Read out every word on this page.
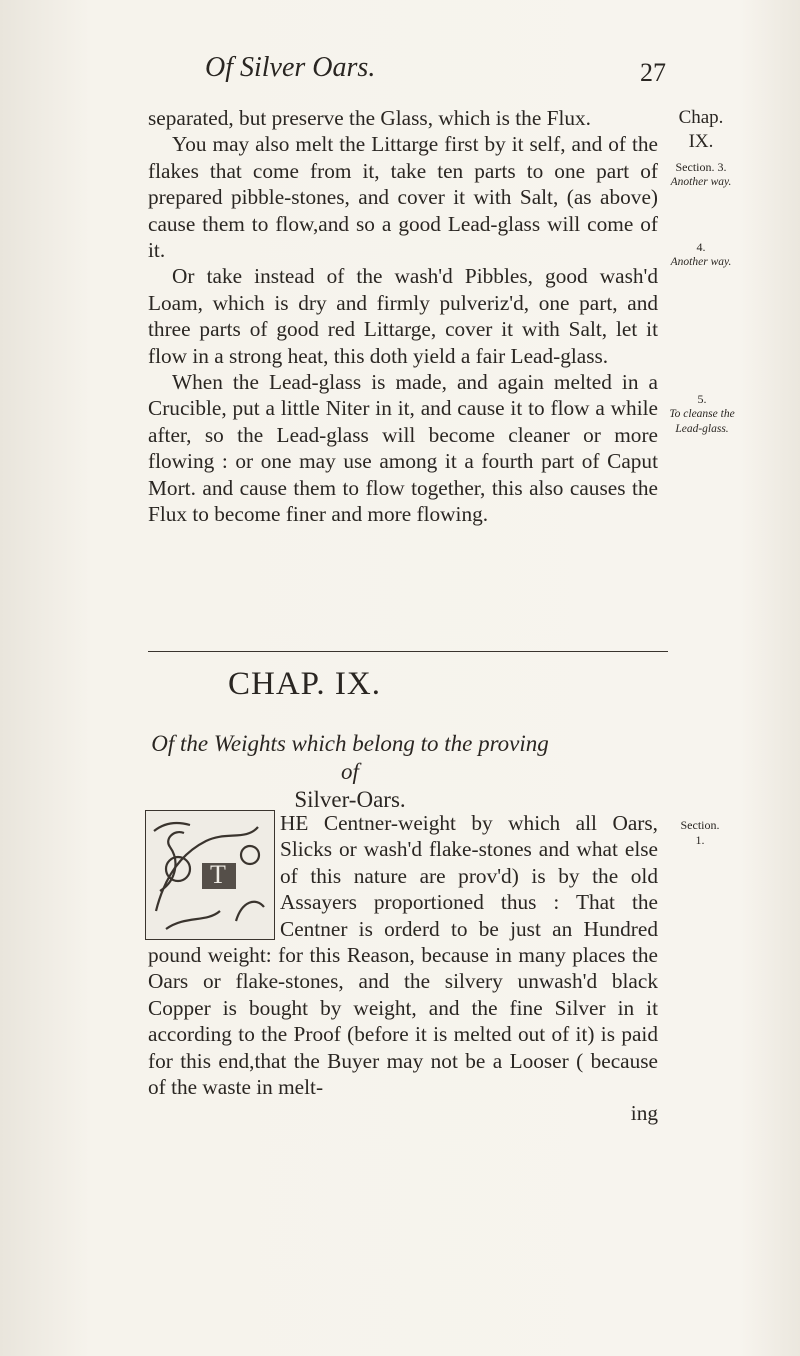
Of Silver Oars.	27
Chap.
IX.
Section. 3.
Another way.
4.
Another way.
5.
To cleanse the Lead-glass.
Section.
1.

separated, but preserve the Glass, which is the Flux.

You may also melt the Littarge first by it self, and of the flakes that come from it, take ten parts to one part of prepared pibble-stones, and cover it with Salt, (as above) cause them to flow,and so a good Lead-glass will come of it.

Or take instead of the wash'd Pibbles, good wash'd Loam, which is dry and firmly pulveriz'd, one part, and three parts of good red Littarge, cover it with Salt, let it flow in a strong heat, this doth yield a fair Lead-glass.

When the Lead-glass is made, and again melted in a Crucible, put a little Niter in it, and cause it to flow a while after, so the Lead-glass will become cleaner or more flowing : or one may use among it a fourth part of Caput Mort. and cause them to flow together, this also causes the Flux to become finer and more flowing.

CHAP. IX.
Of the Weights which belong to the proving of
Silver-Oars.
T

HE Centner-weight by which all Oars, Slicks or wash'd flake-stones and what else of this nature are prov'd) is by the old Assayers proportioned thus : That the Centner is orderd to be just an Hundred pound weight: for this Reason, because in many places the Oars or flake-stones, and the silvery unwash'd black Copper is bought by weight, and the fine Silver in it according to the Proof (before it is melted out of it) is paid for this end,that the Buyer may not be a Looser ( because of the waste in melt-

ing
